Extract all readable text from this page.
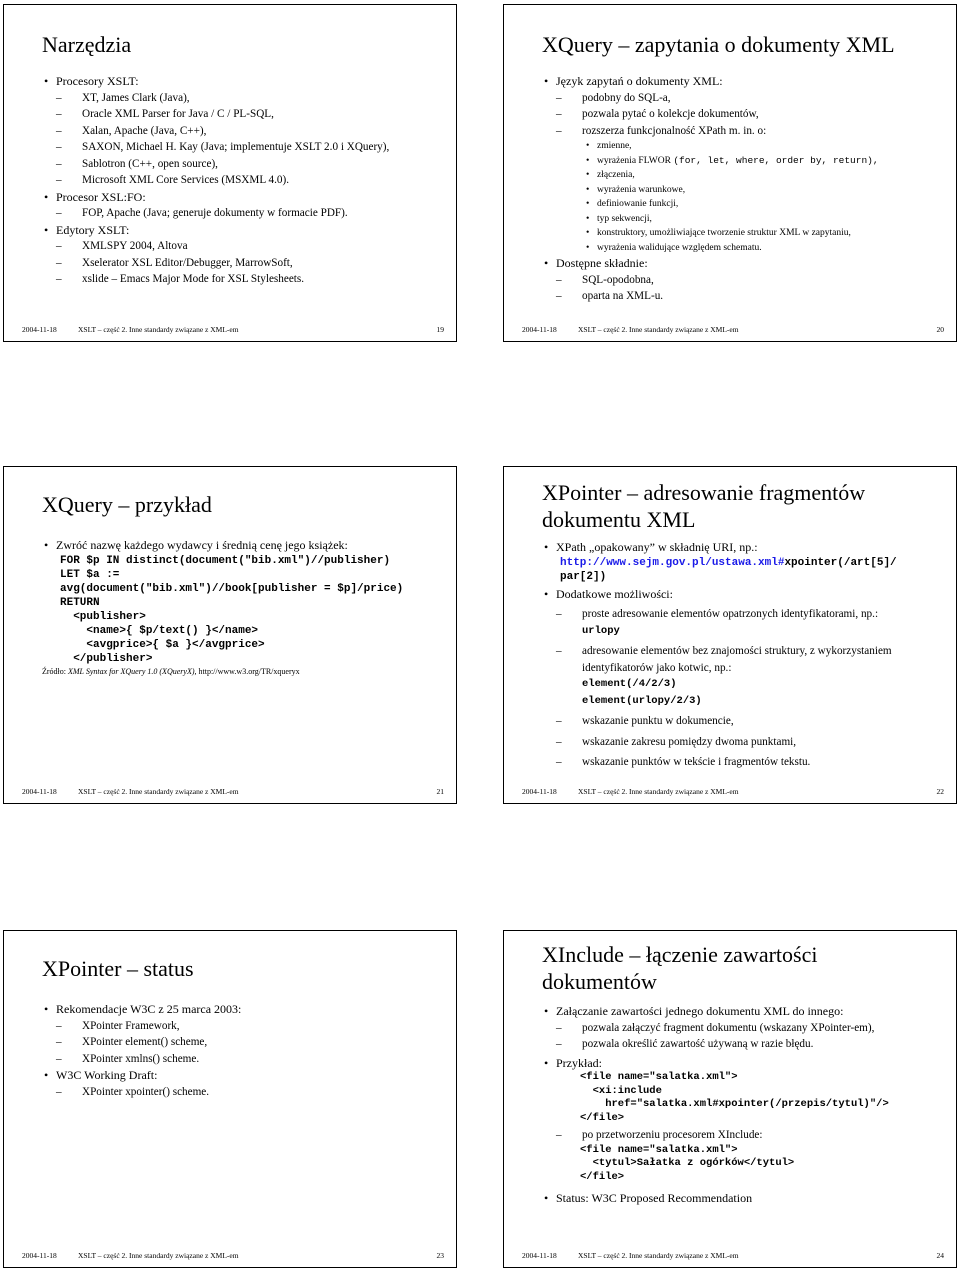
Narzędzia
• Procesory XSLT:
– XT, James Clark (Java),
– Oracle XML Parser for Java / C / PL-SQL,
– Xalan, Apache (Java, C++),
– SAXON, Michael H. Kay (Java; implementuje XSLT 2.0 i XQuery),
– Sablotron (C++, open source),
– Microsoft XML Core Services (MSXML 4.0).
• Procesor XSL:FO:
– FOP, Apache (Java; generuje dokumenty w formacie PDF).
• Edytory XSLT:
– XMLSPY 2004, Altova
– Xselerator XSL Editor/Debugger, MarrowSoft,
– xslide – Emacs Major Mode for XSL Stylesheets.
2004-11-18	XSLT – część 2. Inne standardy związane z XML-em	19
XQuery – zapytania o dokumenty XML
• Język zapytań o dokumenty XML:
– podobny do SQL-a,
– pozwala pytać o kolekcje dokumentów,
– rozszerza funkcjonalność XPath m. in. o:
• zmienne,
• wyrażenia FLWOR (for, let, where, order by, return),
• złączenia,
• wyrażenia warunkowe,
• definiowanie funkcji,
• typ sekwencji,
• konstruktory, umożliwiające tworzenie struktur XML w zapytaniu,
• wyrażenia walidujące względem schematu.
• Dostępne składnie:
– SQL-opodobna,
– oparta na XML-u.
2004-11-18	XSLT – część 2. Inne standardy związane z XML-em	20
XQuery – przykład
• Zwróć nazwę każdego wydawcy i średnią cenę jego książek:
FOR $p IN distinct(document("bib.xml")//publisher)
LET $a :=
avg(document("bib.xml")//book[publisher = $p]/price)
RETURN
<publisher>
<name>{ $p/text() }</name>
<avgprice>{ $a }</avgprice>
</publisher>
Źródło: XML Syntax for XQuery 1.0 (XQueryX), http://www.w3.org/TR/xqueryx
2004-11-18	XSLT – część 2. Inne standardy związane z XML-em	21
XPointer – adresowanie fragmentów
dokumentu XML
• XPath „opakowany” w składnię URI, np.:
http://www.sejm.gov.pl/ustawa.xml#xpointer(/art[5]/
par[2])
• Dodatkowe możliwości:
– proste adresowanie elementów opatrzonych identyfikatorami, np.:
urlopy
– adresowanie elementów bez znajomości struktury, z wykorzystaniem
identyfikatorów jako kotwic, np.:
element(/4/2/3)
element(urlopy/2/3)
– wskazanie punktu w dokumencie,
– wskazanie zakresu pomiędzy dwoma punktami,
– wskazanie punktów w tekście i fragmentów tekstu.
2004-11-18	XSLT – część 2. Inne standardy związane z XML-em	22
XPointer – status
• Rekomendacje W3C z 25 marca 2003:
– XPointer Framework,
– XPointer element() scheme,
– XPointer xmlns() scheme.
• W3C Working Draft:
– XPointer xpointer() scheme.
2004-11-18	XSLT – część 2. Inne standardy związane z XML-em	23
XInclude – łączenie zawartości
dokumentów
• Załączanie zawartości jednego dokumentu XML do innego:
– pozwala załączyć fragment dokumentu (wskazany XPointer-em),
– pozwala określić zawartość używaną w razie błędu.
• Przykład:
<file name="salatka.xml">
<xi:include
href="salatka.xml#xpointer(/przepis/tytul)"/>
</file>
– po przetworzeniu procesorem XInclude:
<file name="salatka.xml">
<tytul>Sałatka z ogórków</tytul>
</file>
• Status: W3C Proposed Recommendation
2004-11-18	XSLT – część 2. Inne standardy związane z XML-em	24
